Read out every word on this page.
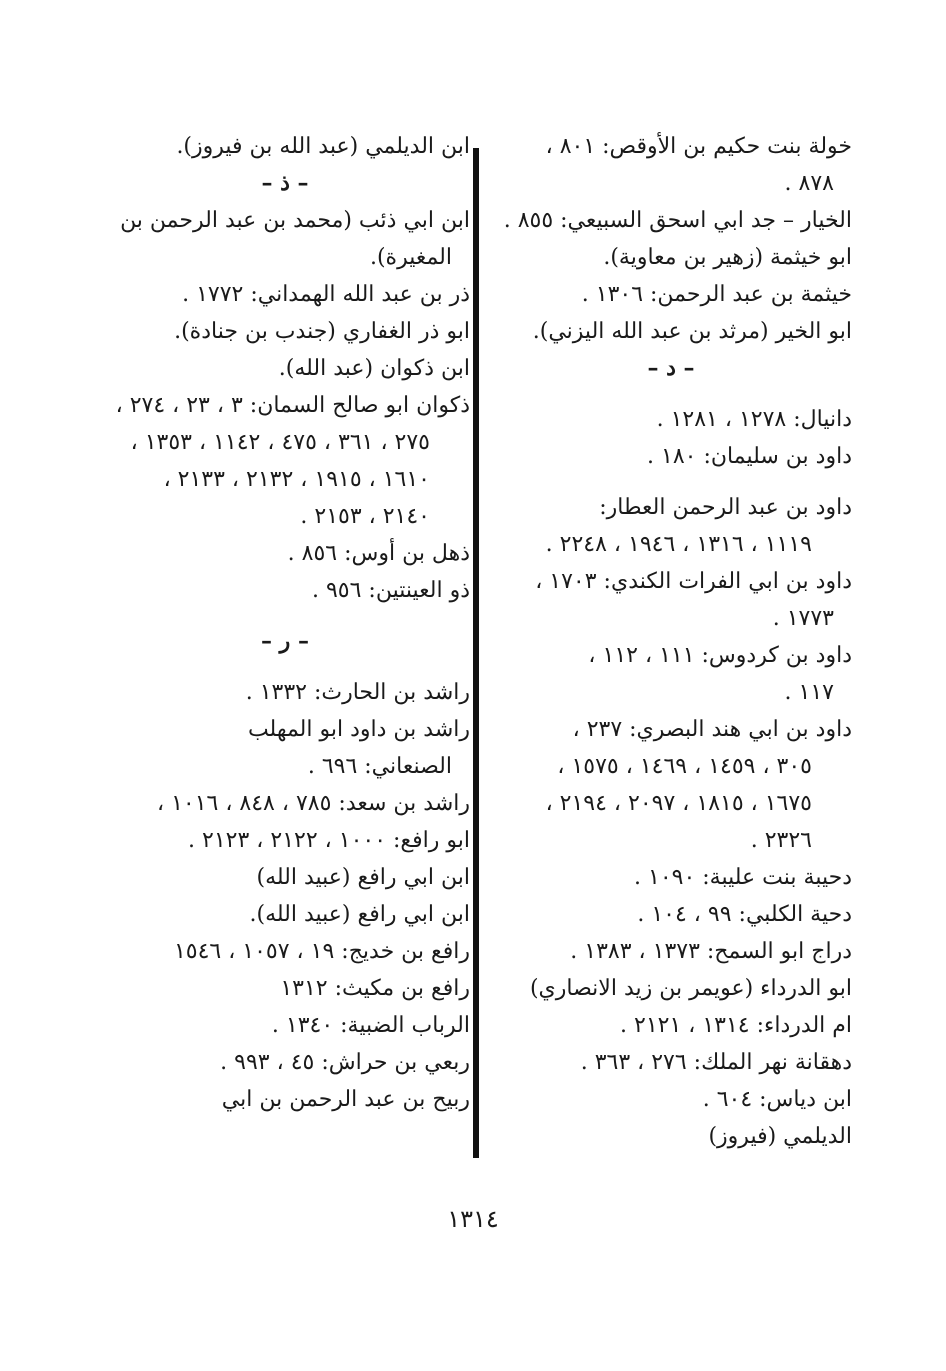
خولة بنت حكيم بن الأوقص: ٨٠١ ،
٨٧٨ .
الخيار – جد ابي اسحق السبيعي: ٨٥٥ .
ابو خيثمة (زهير بن معاوية).
خيثمة بن عبد الرحمن: ١٣٠٦ .
ابو الخير (مرثد بن عبد الله اليزني).
– د –
دانيال: ١٢٧٨ ، ١٢٨١ .
داود بن سليمان: ١٨٠ .
داود بن عبد الرحمن العطار:
١١١٩ ، ١٣١٦ ، ١٩٤٦ ، ٢٢٤٨ .
داود بن ابي الفرات الكندي: ١٧٠٣ ،
١٧٧٣ .
داود بن كردوس: ١١١ ، ١١٢ ،
١١٧ .
داود بن ابي هند البصري: ٢٣٧ ،
٣٠٥ ، ١٤٥٩ ، ١٤٦٩ ، ١٥٧٥ ،
١٦٧٥ ، ١٨١٥ ، ٢٠٩٧ ، ٢١٩٤ ،
٢٣٢٦ .
دحيبة بنت عليبة: ١٠٩٠ .
دحية الكلبي: ٩٩ ، ١٠٤ .
دراج ابو السمح: ١٣٧٣ ، ١٣٨٣ .
ابو الدرداء (عويمر بن زيد الانصاري)
ام الدرداء: ١٣١٤ ، ٢١٢١ .
دهقانة نهر الملك: ٢٧٦ ، ٣٦٣ .
ابن دياس: ٦٠٤ .
الديلمي (فيروز)
ابن الديلمي (عبد الله بن فيروز).
– ذ –
ابن ابي ذئب (محمد بن عبد الرحمن بن
المغيرة).
ذر بن عبد الله الهمداني: ١٧٧٢ .
ابو ذر الغفاري (جندب بن جنادة).
ابن ذكوان (عبد الله).
ذكوان ابو صالح السمان: ٣ ، ٢٣ ، ٢٧٤ ،
٢٧٥ ، ٣٦١ ، ٤٧٥ ، ١١٤٢ ، ١٣٥٣ ،
١٦١٠ ، ١٩١٥ ، ٢١٣٢ ، ٢١٣٣ ،
٢١٤٠ ، ٢١٥٣ .
ذهل بن أوس: ٨٥٦ .
ذو العينتين: ٩٥٦ .
– ر –
راشد بن الحارث: ١٣٣٢ .
راشد بن داود ابو المهلب
الصنعاني: ٦٩٦ .
راشد بن سعد: ٧٨٥ ، ٨٤٨ ، ١٠١٦ ،
ابو رافع: ١٠٠٠ ، ٢١٢٢ ، ٢١٢٣ .
ابن ابي رافع (عبيد الله)
ابن ابي رافع (عبيد الله).
رافع بن خديج: ١٩ ، ١٠٥٧ ، ١٥٤٦
رافع بن مكيث: ١٣١٢
الرباب الضبية: ١٣٤٠ .
ربعي بن حراش: ٤٥ ، ٩٩٣ .
ربيح بن عبد الرحمن بن ابي
١٣١٤
